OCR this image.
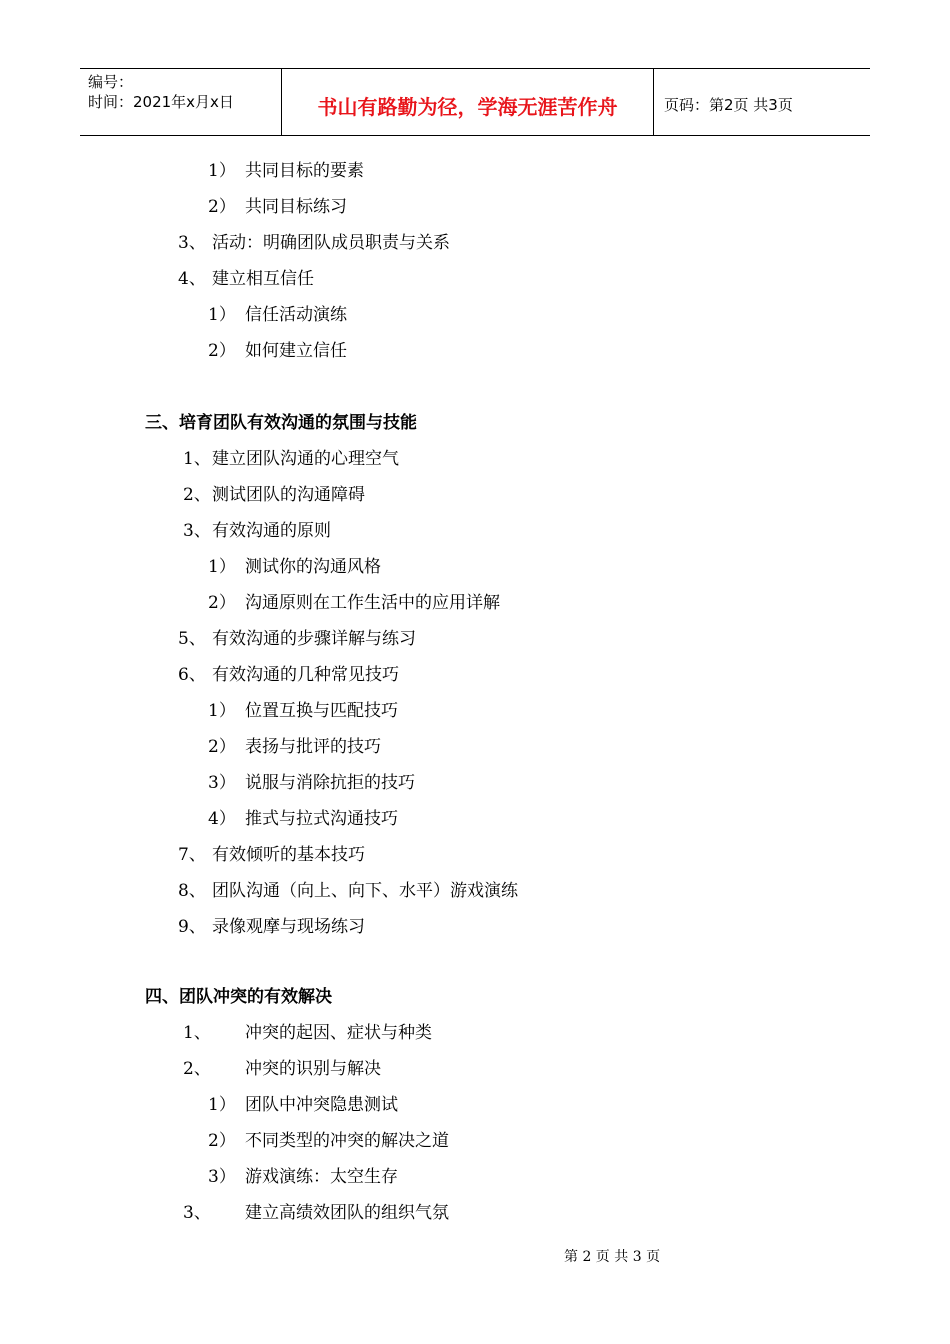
编号：
时间：2021年x月x日	书山有路勤为径，学海无涯苦作舟	页码：第2页 共3页
1） 共同目标的要素
2） 共同目标练习
3、 活动：明确团队成员职责与关系
4、 建立相互信任
1） 信任活动演练
2） 如何建立信任
三、培育团队有效沟通的氛围与技能
1、建立团队沟通的心理空气
2、测试团队的沟通障碍
3、有效沟通的原则
1） 测试你的沟通风格
2） 沟通原则在工作生活中的应用详解
5、 有效沟通的步骤详解与练习
6、 有效沟通的几种常见技巧
1） 位置互换与匹配技巧
2） 表扬与批评的技巧
3） 说服与消除抗拒的技巧
4） 推式与拉式沟通技巧
7、 有效倾听的基本技巧
8、 团队沟通（向上、向下、水平）游戏演练
9、 录像观摩与现场练习
四、团队冲突的有效解决
1、 冲突的起因、症状与种类
2、 冲突的识别与解决
1） 团队中冲突隐患测试
2） 不同类型的冲突的解决之道
3） 游戏演练：太空生存
3、 建立高绩效团队的组织气氛
第 2 页 共 3 页
